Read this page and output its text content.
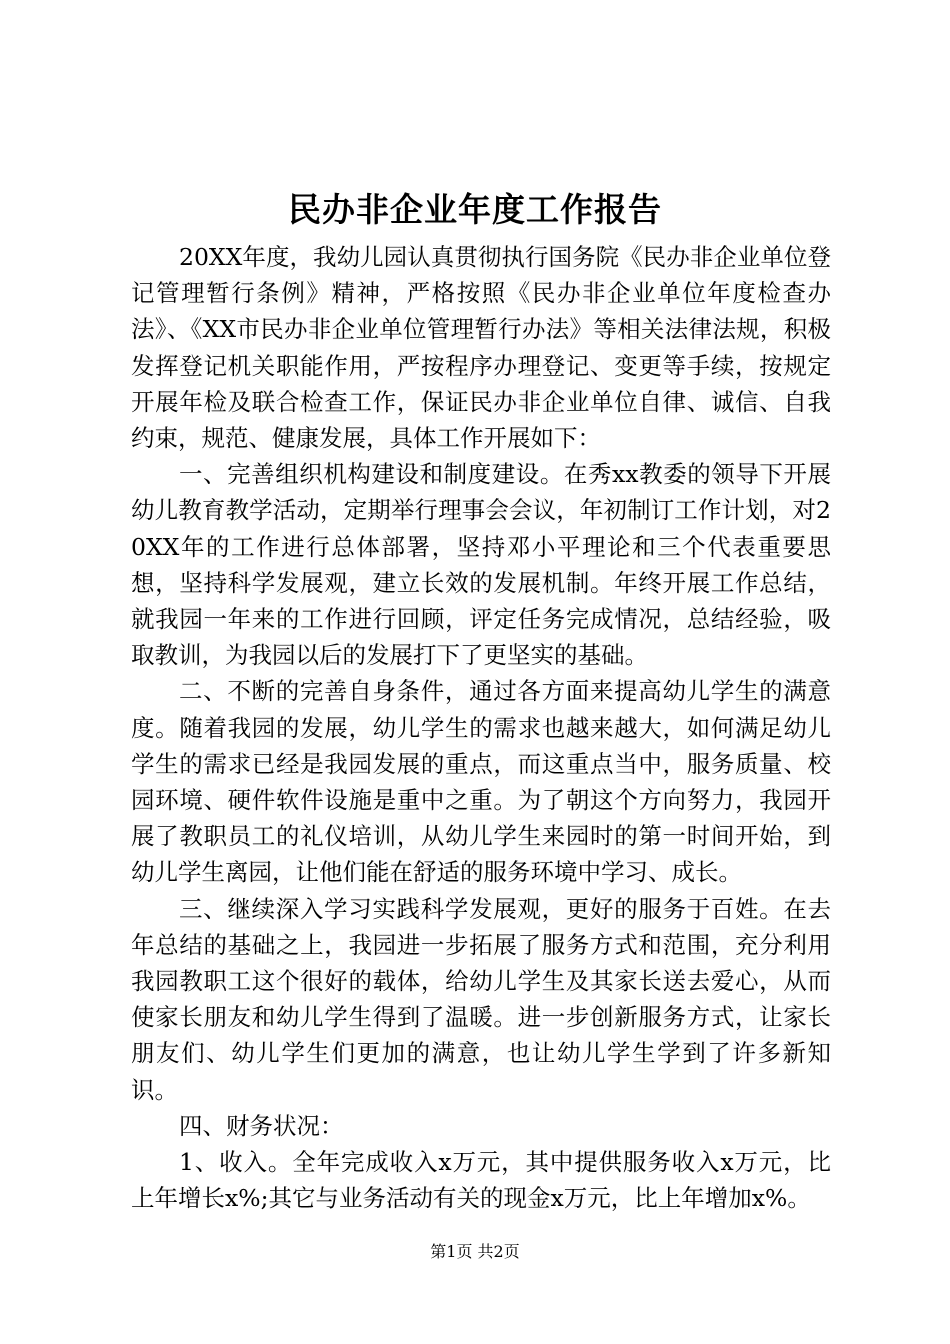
民办非企业年度工作报告

20XX年度，我幼儿园认真贯彻执行国务院《民办非企业单位登记管理暂行条例》精神，严格按照《民办非企业单位年度检查办法》、《XX市民办非企业单位管理暂行办法》等相关法律法规，积极发挥登记机关职能作用，严按程序办理登记、变更等手续，按规定开展年检及联合检查工作，保证民办非企业单位自律、诚信、自我约束，规范、健康发展，具体工作开展如下：

一、完善组织机构建设和制度建设。在秀xx教委的领导下开展幼儿教育教学活动，定期举行理事会会议，年初制订工作计划，对20XX年的工作进行总体部署，坚持邓小平理论和三个代表重要思想，坚持科学发展观，建立长效的发展机制。年终开展工作总结，就我园一年来的工作进行回顾，评定任务完成情况，总结经验，吸取教训，为我园以后的发展打下了更坚实的基础。

二、不断的完善自身条件，通过各方面来提高幼儿学生的满意度。随着我园的发展，幼儿学生的需求也越来越大，如何满足幼儿学生的需求已经是我园发展的重点，而这重点当中，服务质量、校园环境、硬件软件设施是重中之重。为了朝这个方向努力，我园开展了教职员工的礼仪培训，从幼儿学生来园时的第一时间开始，到幼儿学生离园，让他们能在舒适的服务环境中学习、成长。

三、继续深入学习实践科学发展观，更好的服务于百姓。在去年总结的基础之上，我园进一步拓展了服务方式和范围，充分利用我园教职工这个很好的载体，给幼儿学生及其家长送去爱心，从而使家长朋友和幼儿学生得到了温暖。进一步创新服务方式，让家长朋友们、幼儿学生们更加的满意，也让幼儿学生学到了许多新知识。

四、财务状况：

1、收入。全年完成收入x万元，其中提供服务收入x万元，比上年增长x%;其它与业务活动有关的现金x万元，比上年增加x%。

第1页 共2页
